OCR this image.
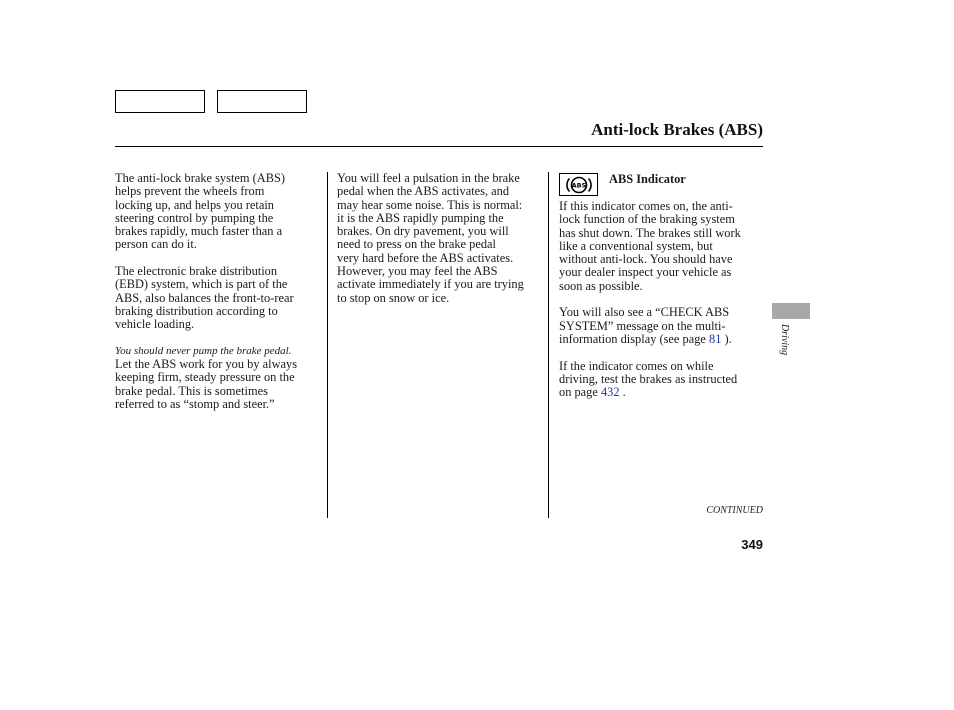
Anti-lock Brakes (ABS)

The anti-lock brake system (ABS)
helps prevent the wheels from
locking up, and helps you retain
steering control by pumping the
brakes rapidly, much faster than a
person can do it.

The electronic brake distribution
(EBD) system, which is part of the
ABS, also balances the front-to-rear
braking distribution according to
vehicle loading.

You should never pump the brake pedal.

Let the ABS work for you by always
keeping firm, steady pressure on the
brake pedal. This is sometimes
referred to as “stomp and steer.”

You will feel a pulsation in the brake
pedal when the ABS activates, and
may hear some noise. This is normal:
it is the ABS rapidly pumping the
brakes. On dry pavement, you will
need to press on the brake pedal
very hard before the ABS activates.
However, you may feel the ABS
activate immediately if you are trying
to stop on snow or ice.

ABS ABS Indicator

If this indicator comes on, the anti-
lock function of the braking system
has shut down. The brakes still work
like a conventional system, but
without anti-lock. You should have
your dealer inspect your vehicle as
soon as possible.

You will also see a “CHECK ABS
SYSTEM” message on the multi-
information display (see page 81 ).

If the indicator comes on while
driving, test the brakes as instructed
on page 432 .

Driving
CONTINUED
349
